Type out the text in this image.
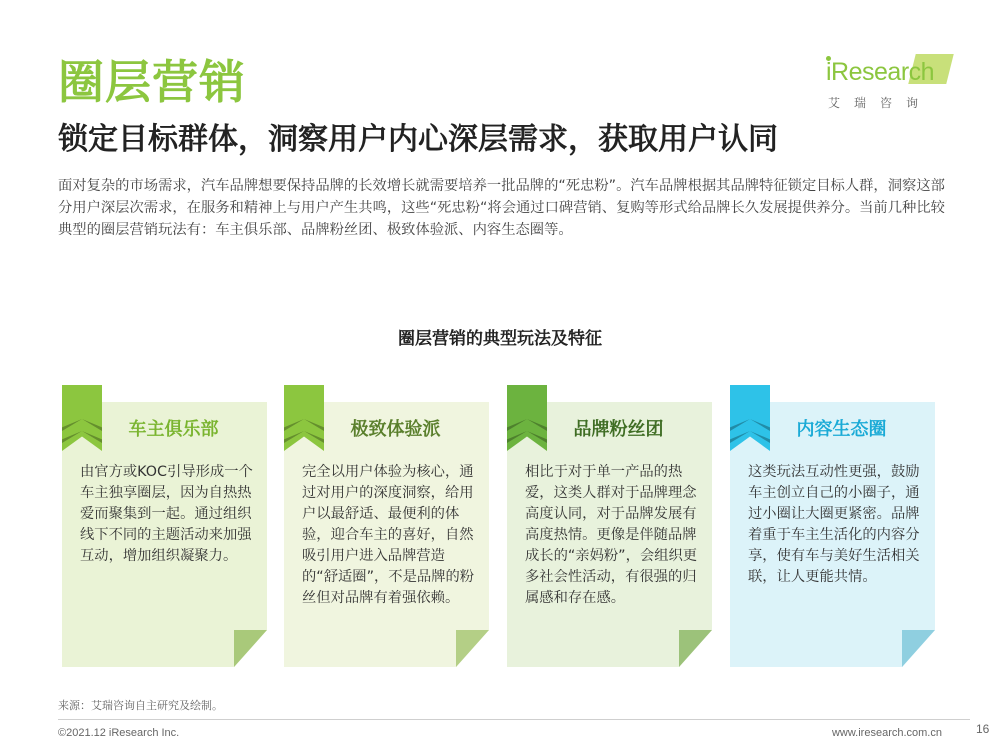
圈层营销	iResearch
艾瑞咨询
锁定目标群体，洞察用户内心深层需求，获取用户认同

面对复杂的市场需求，汽车品牌想要保持品牌的长效增长就需要培养一批品牌的“死忠粉”。汽车品牌根据其品牌特征锁定目标人群，洞察这部分用户深层次需求，在服务和精神上与用户产生共鸣，这些“死忠粉“将会通过口碑营销、复购等形式给品牌长久发展提供养分。当前几种比较典型的圈层营销玩法有：车主俱乐部、品牌粉丝团、极致体验派、内容生态圈等。

圈层营销的典型玩法及特征
车主俱乐部

由官方或KOC引导形成一个车主独享圈层，因为自热热爱而聚集到一起。通过组织线下不同的主题活动来加强互动，增加组织凝聚力。

极致体验派

完全以用户体验为核心，通过对用户的深度洞察，给用户以最舒适、最便利的体验，迎合车主的喜好，自然吸引用户进入品牌营造的“舒适圈”，不是品牌的粉丝但对品牌有着强依赖。

品牌粉丝团

相比于对于单一产品的热爱，这类人群对于品牌理念高度认同，对于品牌发展有高度热情。更像是伴随品牌成长的“亲妈粉”，会组织更多社会性活动，有很强的归属感和存在感。

内容生态圈

这类玩法互动性更强，鼓励车主创立自己的小圈子，通过小圈让大圈更紧密。品牌着重于车主生活化的内容分享，使有车与美好生活相关联，让人更能共情。

来源：艾瑞咨询自主研究及绘制。
©2021.12 iResearch Inc.	www.iresearch.com.cn	16
